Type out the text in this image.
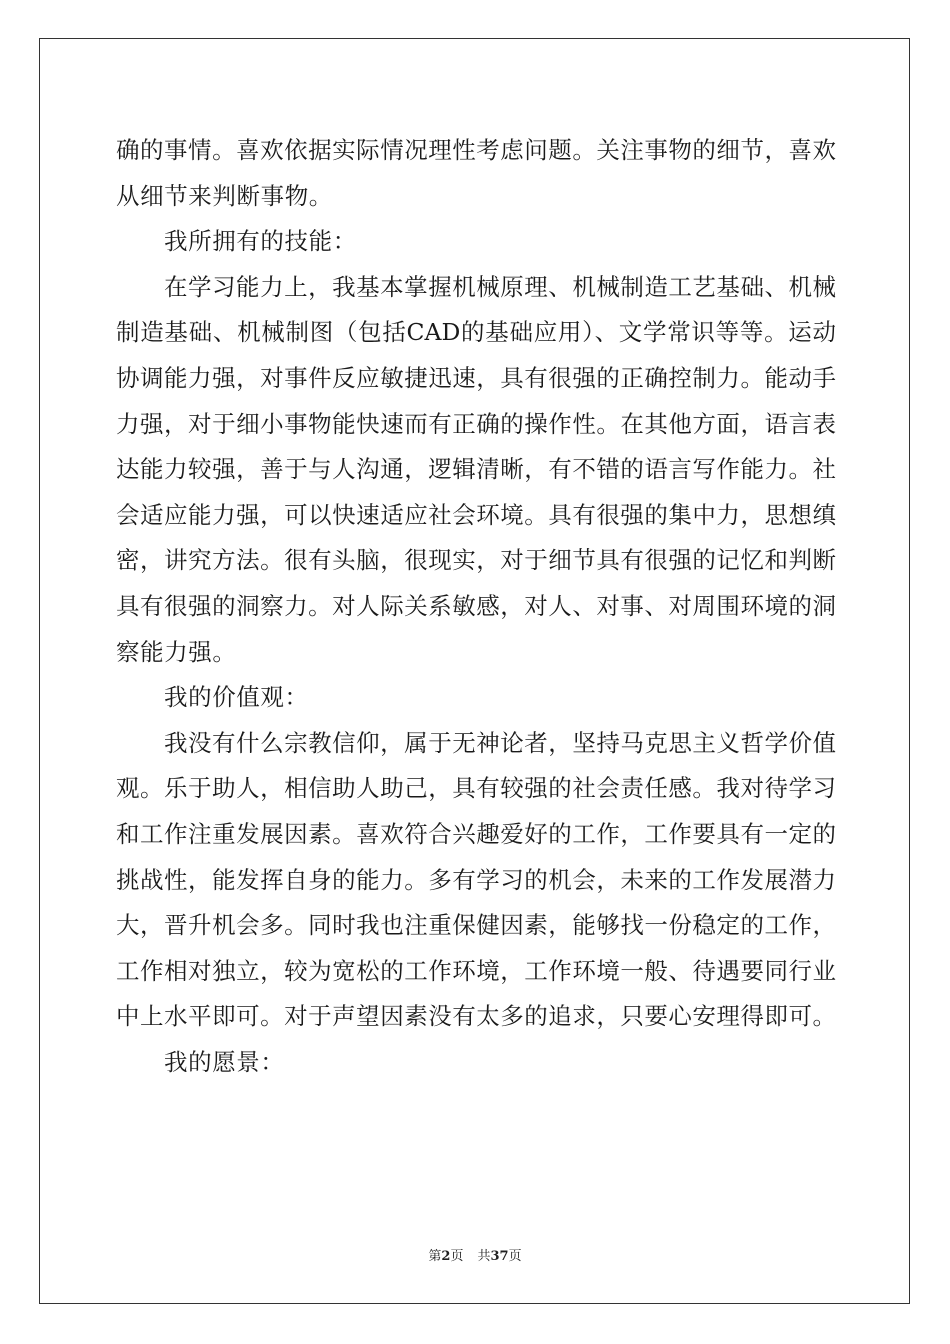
确的事情。喜欢依据实际情况理性考虑问题。关注事物的细节，喜欢
从细节来判断事物。
我所拥有的技能：
在学习能力上，我基本掌握机械原理、机械制造工艺基础、机械
制造基础、机械制图（包括CAD的基础应用）、文学常识等等。运动
协调能力强，对事件反应敏捷迅速，具有很强的正确控制力。能动手
力强，对于细小事物能快速而有正确的操作性。在其他方面，语言表
达能力较强，善于与人沟通，逻辑清晰，有不错的语言写作能力。社
会适应能力强，可以快速适应社会环境。具有很强的集中力，思想缜
密，讲究方法。很有头脑，很现实，对于细节具有很强的记忆和判断
具有很强的洞察力。对人际关系敏感，对人、对事、对周围环境的洞
察能力强。
我的价值观：
我没有什么宗教信仰，属于无神论者，坚持马克思主义哲学价值
观。乐于助人，相信助人助己，具有较强的社会责任感。我对待学习
和工作注重发展因素。喜欢符合兴趣爱好的工作，工作要具有一定的
挑战性，能发挥自身的能力。多有学习的机会，未来的工作发展潜力
大，晋升机会多。同时我也注重保健因素，能够找一份稳定的工作，
工作相对独立，较为宽松的工作环境，工作环境一般、待遇要同行业
中上水平即可。对于声望因素没有太多的追求，只要心安理得即可。
我的愿景：
第2页 共37页
